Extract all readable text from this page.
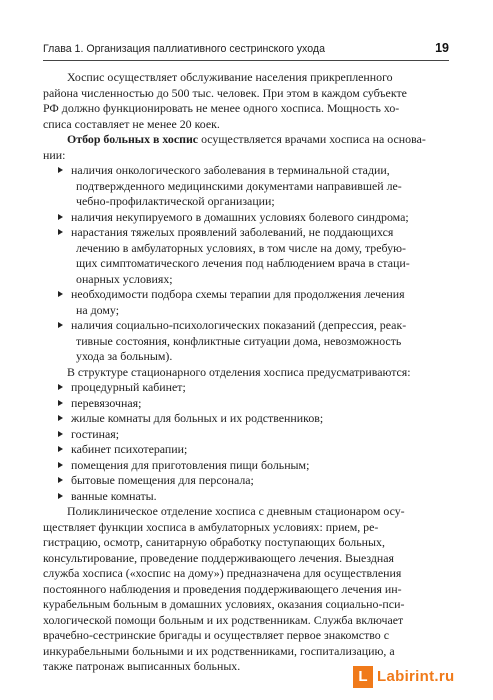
Глава 1. Организация паллиативного сестринского ухода	19
Хоспис осуществляет обслуживание населения прикрепленного
района численностью до 500 тыс. человек. При этом в каждом субъекте
РФ должно функционировать не менее одного хосписа. Мощность хо-
списа составляет не менее 20 коек.
Отбор больных в хоспис осуществляется врачами хосписа на основа-
нии:
наличия онкологического заболевания в терминальной стадии,
подтвержденного медицинскими документами направившей ле-
чебно-профилактической организации;
наличия некупируемого в домашних условиях болевого синдрома;
нарастания тяжелых проявлений заболеваний, не поддающихся
лечению в амбулаторных условиях, в том числе на дому, требую-
щих симптоматического лечения под наблюдением врача в стаци-
онарных условиях;
необходимости подбора схемы терапии для продолжения лечения
на дому;
наличия социально-психологических показаний (депрессия, реак-
тивные состояния, конфликтные ситуации дома, невозможность
ухода за больным).
В структуре стационарного отделения хосписа предусматриваются:
процедурный кабинет;
перевязочная;
жилые комнаты для больных и их родственников;
гостиная;
кабинет психотерапии;
помещения для приготовления пищи больным;
бытовые помещения для персонала;
ванные комнаты.
Поликлиническое отделение хосписа с дневным стационаром осу-
ществляет функции хосписа в амбулаторных условиях: прием, ре-
гистрацию, осмотр, санитарную обработку поступающих больных,
консультирование, проведение поддерживающего лечения. Выездная
служба хосписа («хоспис на дому») предназначена для осуществления
постоянного наблюдения и проведения поддерживающего лечения ин-
курабельным больным в домашних условиях, оказания социально-пси-
хологической помощи больным и их родственникам. Служба включает
врачебно-сестринские бригады и осуществляет первое знакомство с
инкурабельными больными и их родственниками, госпитализацию, а
также патронаж выписанных больных.
L Labirint.ru
